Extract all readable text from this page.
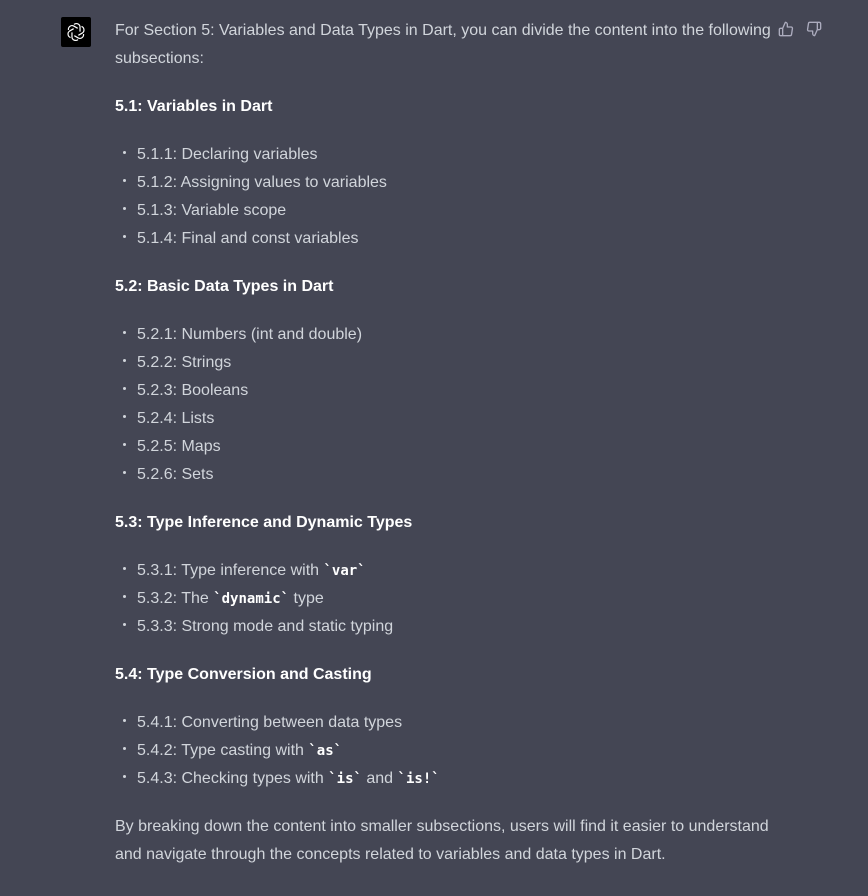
For Section 5: Variables and Data Types in Dart, you can divide the content into the following subsections:

5.1: Variables in Dart

5.1.1: Declaring variables
5.1.2: Assigning values to variables
5.1.3: Variable scope
5.1.4: Final and const variables

5.2: Basic Data Types in Dart

5.2.1: Numbers (int and double)
5.2.2: Strings
5.2.3: Booleans
5.2.4: Lists
5.2.5: Maps
5.2.6: Sets

5.3: Type Inference and Dynamic Types

5.3.1: Type inference with `var`
5.3.2: The `dynamic` type
5.3.3: Strong mode and static typing

5.4: Type Conversion and Casting

5.4.1: Converting between data types
5.4.2: Type casting with `as`
5.4.3: Checking types with `is` and `is!`

By breaking down the content into smaller subsections, users will find it easier to understand and navigate through the concepts related to variables and data types in Dart.
